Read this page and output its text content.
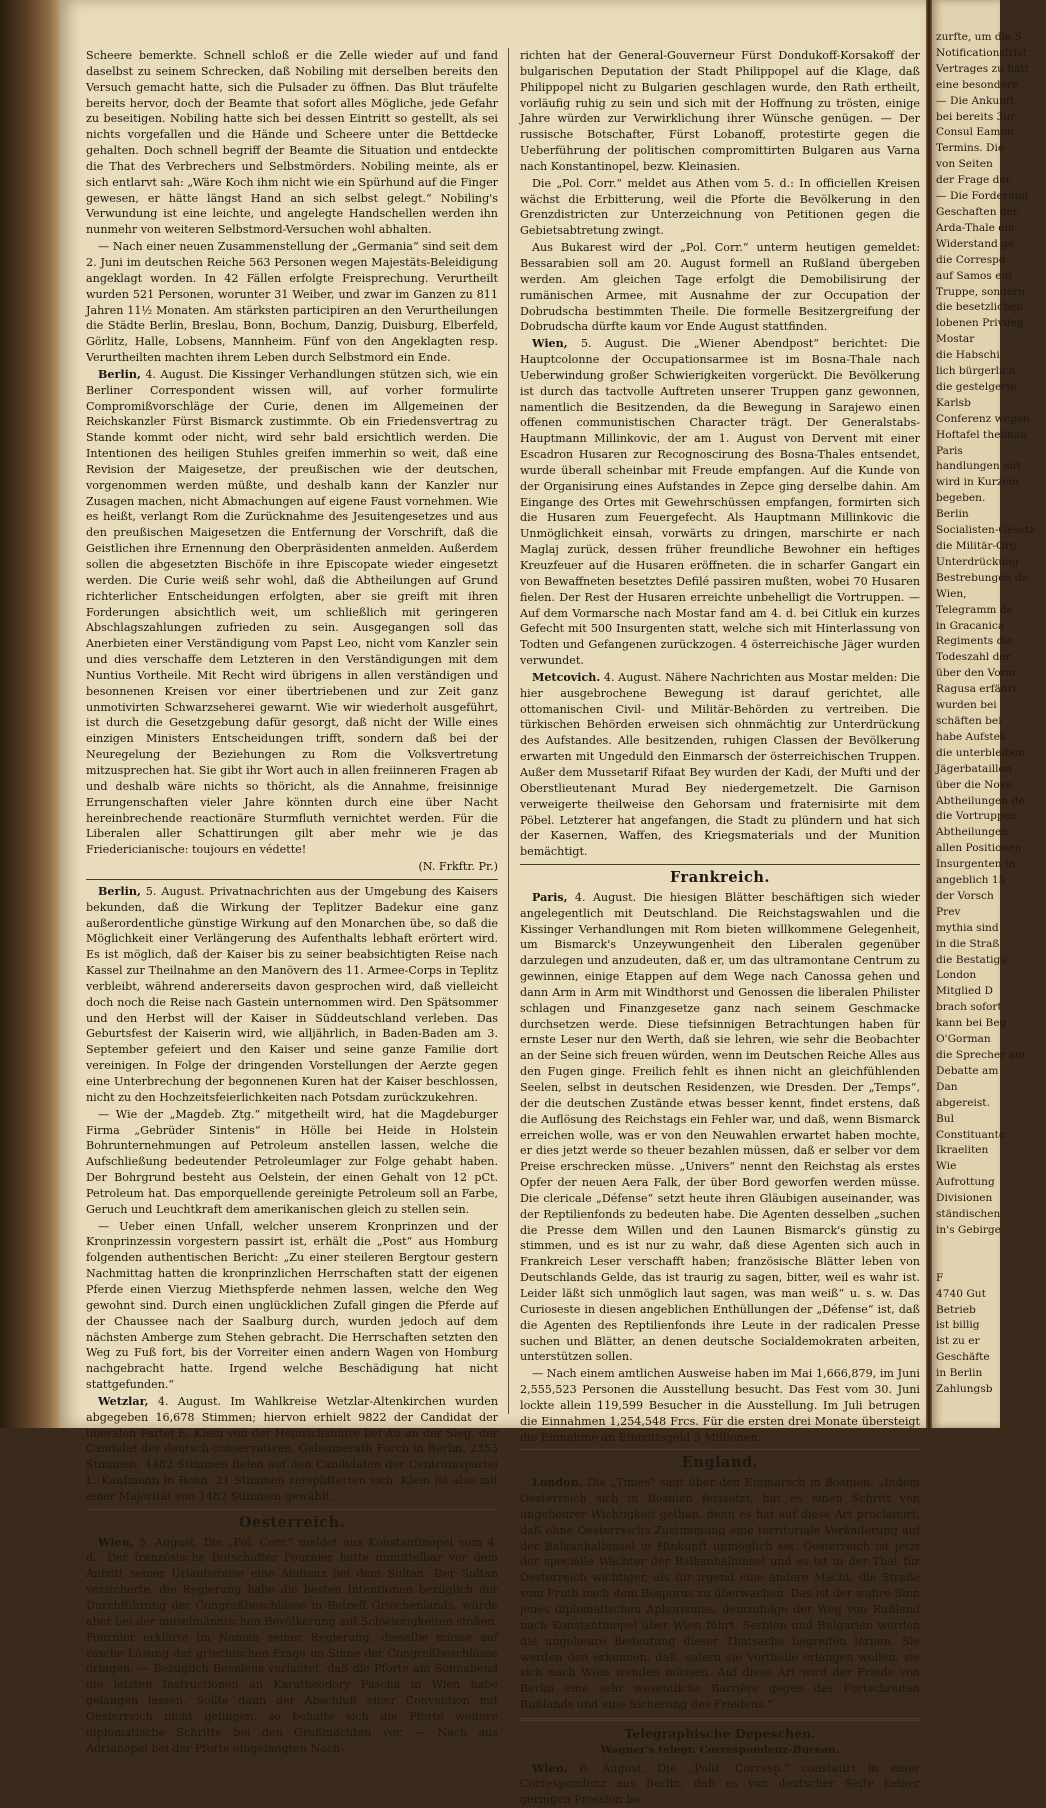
Scheere bemerkte. Schnell schloß er die Zelle wieder auf und fand daselbst zu seinem Schrecken, daß Nobiling mit derselben bereits den Versuch gemacht hatte, sich die Pulsader zu öffnen. Das Blut träufelte bereits hervor, doch der Beamte that sofort alles Mögliche, jede Gefahr zu beseitigen. Nobiling hatte sich bei dessen Eintritt so gestellt, als sei nichts vorgefallen und die Hände und Scheere unter die Bettdecke gehalten. Doch schnell begriff der Beamte die Situation und entdeckte die That des Verbrechers und Selbstmörders. Nobiling meinte, als er sich entlarvt sah: „Wäre Koch ihm nicht wie ein Spürhund auf die Finger gewesen, er hätte längst Hand an sich selbst gelegt.“ Nobiling's Verwundung ist eine leichte, und angelegte Handschellen werden ihn nunmehr von weiteren Selbstmord-Versuchen wohl abhalten.

— Nach einer neuen Zusammenstellung der „Germania“ sind seit dem 2. Juni im deutschen Reiche 563 Personen wegen Majestäts-Beleidigung angeklagt worden. In 42 Fällen erfolgte Freisprechung. Verurtheilt wurden 521 Personen, worunter 31 Weiber, und zwar im Ganzen zu 811 Jahren 11½ Monaten. Am stärksten participiren an den Verurtheilungen die Städte Berlin, Breslau, Bonn, Bochum, Danzig, Duisburg, Elberfeld, Görlitz, Halle, Lobsens, Mannheim. Fünf von den Angeklagten resp. Verurtheilten machten ihrem Leben durch Selbstmord ein Ende.

Berlin, 4. August. Die Kissinger Verhandlungen stützen sich, wie ein Berliner Correspondent wissen will, auf vorher formulirte Compromißvorschläge der Curie, denen im Allgemeinen der Reichskanzler Fürst Bismarck zustimmte. Ob ein Friedensvertrag zu Stande kommt oder nicht, wird sehr bald ersichtlich werden. Die Intentionen des heiligen Stuhles greifen immerhin so weit, daß eine Revision der Maigesetze, der preußischen wie der deutschen, vorgenommen werden müßte, und deshalb kann der Kanzler nur Zusagen machen, nicht Abmachungen auf eigene Faust vornehmen. Wie es heißt, verlangt Rom die Zurücknahme des Jesuitengesetzes und aus den preußischen Maigesetzen die Entfernung der Vorschrift, daß die Geistlichen ihre Ernennung den Oberpräsidenten anmelden. Außerdem sollen die abgesetzten Bischöfe in ihre Episcopate wieder eingesetzt werden. Die Curie weiß sehr wohl, daß die Abtheilungen auf Grund richterlicher Entscheidungen erfolgten, aber sie greift mit ihren Forderungen absichtlich weit, um schließlich mit geringeren Abschlagszahlungen zufrieden zu sein. Ausgegangen soll das Anerbieten einer Verständigung vom Papst Leo, nicht vom Kanzler sein und dies verschaffe dem Letzteren in den Verständigungen mit dem Nuntius Vortheile. Mit Recht wird übrigens in allen verständigen und besonnenen Kreisen vor einer übertriebenen und zur Zeit ganz unmotivirten Schwarzseherei gewarnt. Wie wir wiederholt ausgeführt, ist durch die Gesetzgebung dafür gesorgt, daß nicht der Wille eines einzigen Ministers Entscheidungen trifft, sondern daß bei der Neuregelung der Beziehungen zu Rom die Volksvertretung mitzusprechen hat. Sie gibt ihr Wort auch in allen freiinneren Fragen ab und deshalb wäre nichts so thöricht, als die Annahme, freisinnige Errungenschaften vieler Jahre könnten durch eine über Nacht hereinbrechende reactionäre Sturmfluth vernichtet werden. Für die Liberalen aller Schattirungen gilt aber mehr wie je das Friedericianische: toujours en védette!

(N. Frkftr. Pr.)

Berlin, 5. August. Privatnachrichten aus der Umgebung des Kaisers bekunden, daß die Wirkung der Teplitzer Badekur eine ganz außerordentliche günstige Wirkung auf den Monarchen übe, so daß die Möglichkeit einer Verlängerung des Aufenthalts lebhaft erörtert wird. Es ist möglich, daß der Kaiser bis zu seiner beabsichtigten Reise nach Kassel zur Theilnahme an den Manövern des 11. Armee-Corps in Teplitz verbleibt, während andererseits davon gesprochen wird, daß vielleicht doch noch die Reise nach Gastein unternommen wird. Den Spätsommer und den Herbst will der Kaiser in Süddeutschland verleben. Das Geburtsfest der Kaiserin wird, wie alljährlich, in Baden-Baden am 3. September gefeiert und den Kaiser und seine ganze Familie dort vereinigen. In Folge der dringenden Vorstellungen der Aerzte gegen eine Unterbrechung der begonnenen Kuren hat der Kaiser beschlossen, nicht zu den Hochzeitsfeierlichkeiten nach Potsdam zurückzukehren.

— Wie der „Magdeb. Ztg.“ mitgetheilt wird, hat die Magdeburger Firma „Gebrüder Sintenis“ in Hölle bei Heide in Holstein Bohrunternehmungen auf Petroleum anstellen lassen, welche die Aufschließung bedeutender Petroleumlager zur Folge gehabt haben. Der Bohrgrund besteht aus Oelstein, der einen Gehalt von 12 pCt. Petroleum hat. Das emporquellende gereinigte Petroleum soll an Farbe, Geruch und Leuchtkraft dem amerikanischen gleich zu stellen sein.

— Ueber einen Unfall, welcher unserem Kronprinzen und der Kronprinzessin vorgestern passirt ist, erhält die „Post“ aus Homburg folgenden authentischen Bericht: „Zu einer steileren Bergtour gestern Nachmittag hatten die kronprinzlichen Herrschaften statt der eigenen Pferde einen Vierzug Miethspferde nehmen lassen, welche den Weg gewohnt sind. Durch einen unglücklichen Zufall gingen die Pferde auf der Chaussee nach der Saalburg durch, wurden jedoch auf dem nächsten Amberge zum Stehen gebracht. Die Herrschaften setzten den Weg zu Fuß fort, bis der Vorreiter einen andern Wagen von Homburg nachgebracht hatte. Irgend welche Beschädigung hat nicht stattgefunden.“

Wetzlar, 4. August. Im Wahlkreise Wetzlar-Altenkirchen wurden abgegeben 16,678 Stimmen; hiervon erhielt 9822 der Candidat der liberalen Partei E. Klein von der Heinrichshütte bei Au an der Sieg, der Candidat der deutsch-conservativen, Geheimerath Forch in Berlin, 2353 Stimmen; 4482 Stimmen fielen auf den Candidaten der Centrumspartei L. Kaufmann in Bonn. 21 Stimmen zersplitterten sich. Klein ist also mit einer Majorität von 1482 Stimmen gewählt.

Oesterreich.

Wien, 5. August. Die „Pol. Corr.“ meldet aus Konstantinopel vom 4. d.: Der französische Botschafter Fournier hatte unmittelbar vor dem Antritt seiner Urlaubsreise eine Audienz bei dem Sultan. Der Sultan versicherte, die Regierung habe die besten Intentionen bezüglich der Durchführung der Congreßbeschlüsse in Betreff Griechenlands, würde aber bei der muselmännischen Bevölkerung auf Schwierigkeiten stoßen. Fournier erklärte im Namen seiner Regierung, dieselbe müsse auf rasche Lösung der griechischen Frage im Sinne der Congreßbeschlüsse dringen. — Bezüglich Bosniens verlautet, daß die Pforte am Sonnabend die letzten Instructionen an Karatheodory Pascha in Wien habe gelangen lassen. Sollte dann der Abschluß einer Convention mit Oesterreich nicht gelingen, so behalte sich die Pforte weitere diplomatische Schritte bei den Großmächten vor. — Nach aus Adrianopel bei der Pforte eingelangten Nach-

richten hat der General-Gouverneur Fürst Dondukoff-Korsakoff der bulgarischen Deputation der Stadt Philippopel auf die Klage, daß Philippopel nicht zu Bulgarien geschlagen wurde, den Rath ertheilt, vorläufig ruhig zu sein und sich mit der Hoffnung zu trösten, einige Jahre würden zur Verwirklichung ihrer Wünsche genügen. — Der russische Botschafter, Fürst Lobanoff, protestirte gegen die Ueberführung der politischen compromittirten Bulgaren aus Varna nach Konstantinopel, bezw. Kleinasien.

Die „Pol. Corr.“ meldet aus Athen vom 5. d.: In officiellen Kreisen wächst die Erbitterung, weil die Pforte die Bevölkerung in den Grenzdistricten zur Unterzeichnung von Petitionen gegen die Gebietsabtretung zwingt.

Aus Bukarest wird der „Pol. Corr.“ unterm heutigen gemeldet: Bessarabien soll am 20. August formell an Rußland übergeben werden. Am gleichen Tage erfolgt die Demobilisirung der rumänischen Armee, mit Ausnahme der zur Occupation der Dobrudscha bestimmten Theile. Die formelle Besitzergreifung der Dobrudscha dürfte kaum vor Ende August stattfinden.

Wien, 5. August. Die „Wiener Abendpost“ berichtet: Die Hauptcolonne der Occupationsarmee ist im Bosna-Thale nach Ueberwindung großer Schwierigkeiten vorgerückt. Die Bevölkerung ist durch das tactvolle Auftreten unserer Truppen ganz gewonnen, namentlich die Besitzenden, da die Bewegung in Sarajewo einen offenen communistischen Character trägt. Der Generalstabs-Hauptmann Millinkovic, der am 1. August von Dervent mit einer Escadron Husaren zur Recognoscirung des Bosna-Thales entsendet, wurde überall scheinbar mit Freude empfangen. Auf die Kunde von der Organisirung eines Aufstandes in Zepce ging derselbe dahin. Am Eingange des Ortes mit Gewehrschüssen empfangen, formirten sich die Husaren zum Feuergefecht. Als Hauptmann Millinkovic die Unmöglichkeit einsah, vorwärts zu dringen, marschirte er nach Maglaj zurück, dessen früher freundliche Bewohner ein heftiges Kreuzfeuer auf die Husaren eröffneten. die in scharfer Gangart ein von Bewaffneten besetztes Defilé passiren mußten, wobei 70 Husaren fielen. Der Rest der Husaren erreichte unbehelligt die Vortruppen. — Auf dem Vormarsche nach Mostar fand am 4. d. bei Citluk ein kurzes Gefecht mit 500 Insurgenten statt, welche sich mit Hinterlassung von Todten und Gefangenen zurückzogen. 4 österreichische Jäger wurden verwundet.

Metcovich. 4. August. Nähere Nachrichten aus Mostar melden: Die hier ausgebrochene Bewegung ist darauf gerichtet, alle ottomanischen Civil- und Militär-Behörden zu vertreiben. Die türkischen Behörden erweisen sich ohnmächtig zur Unterdrückung des Aufstandes. Alle besitzenden, ruhigen Classen der Bevölkerung erwarten mit Ungeduld den Einmarsch der österreichischen Truppen. Außer dem Mussetarif Rifaat Bey wurden der Kadi, der Mufti und der Oberstlieutenant Murad Bey niedergemetzelt. Die Garnison verweigerte theilweise den Gehorsam und fraternisirte mit dem Pöbel. Letzterer hat angefangen, die Stadt zu plündern und hat sich der Kasernen, Waffen, des Kriegsmaterials und der Munition bemächtigt.

Frankreich.

Paris, 4. August. Die hiesigen Blätter beschäftigen sich wieder angelegentlich mit Deutschland. Die Reichstagswahlen und die Kissinger Verhandlungen mit Rom bieten willkommene Gelegenheit, um Bismarck's Unzeywungenheit den Liberalen gegenüber darzulegen und anzudeuten, daß er, um das ultramontane Centrum zu gewinnen, einige Etappen auf dem Wege nach Canossa gehen und dann Arm in Arm mit Windthorst und Genossen die liberalen Philister schlagen und Finanzgesetze ganz nach seinem Geschmacke durchsetzen werde. Diese tiefsinnigen Betrachtungen haben für ernste Leser nur den Werth, daß sie lehren, wie sehr die Beobachter an der Seine sich freuen würden, wenn im Deutschen Reiche Alles aus den Fugen ginge. Freilich fehlt es ihnen nicht an gleichfühlenden Seelen, selbst in deutschen Residenzen, wie Dresden. Der „Temps“, der die deutschen Zustände etwas besser kennt, findet erstens, daß die Auflösung des Reichstags ein Fehler war, und daß, wenn Bismarck erreichen wolle, was er von den Neuwahlen erwartet haben mochte, er dies jetzt werde so theuer bezahlen müssen, daß er selber vor dem Preise erschrecken müsse. „Univers“ nennt den Reichstag als erstes Opfer der neuen Aera Falk, der über Bord geworfen werden müsse. Die clericale „Défense“ setzt heute ihren Gläubigen auseinander, was der Reptilienfonds zu bedeuten habe. Die Agenten desselben „suchen die Presse dem Willen und den Launen Bismarck's günstig zu stimmen, und es ist nur zu wahr, daß diese Agenten sich auch in Frankreich Leser verschafft haben; französische Blätter leben von Deutschlands Gelde, das ist traurig zu sagen, bitter, weil es wahr ist. Leider läßt sich unmöglich laut sagen, was man weiß“ u. s. w. Das Curioseste in diesen angeblichen Enthüllungen der „Défense“ ist, daß die Agenten des Reptilienfonds ihre Leute in der radicalen Presse suchen und Blätter, an denen deutsche Socialdemokraten arbeiten, unterstützen sollen.

— Nach einem amtlichen Ausweise haben im Mai 1,666,879, im Juni 2,555,523 Personen die Ausstellung besucht. Das Fest vom 30. Juni lockte allein 119,599 Besucher in die Ausstellung. Im Juli betrugen die Einnahmen 1,254,548 Frcs. Für die ersten drei Monate übersteigt die Einnahme an Eintrittsgeld 5 Millionen.

England.

London. Die „Times“ sagt über den Einmarsch in Bosnien: „Indem Oesterreich sich in Bosnien festsetzt, hat es einen Schritt von ungeheurer Wichtigkeit gethan, denn es hat auf diese Art proclamirt, daß ohne Oesterreichs Zustimmung eine territoriale Veränderung auf der Balkanhalbinsel in Hinkunft unmöglich sei. Oesterreich ist jetzt der specielle Wächter der Balkanhalbinsel und es ist in der That für Oesterreich wichtiger, als für irgend eine andere Macht, die Straße vom Pruth nach dem Bosporus zu überwachen. Das ist der wahre Sinn jenes diplomatischen Aphorismus, demzufolge der Weg von Rußland nach Konstantinopel über Wien führt. Serbien und Bulgarien werden die ungeheure Bedeutung dieser Thatsache begreifen lernen. Sie werden den erkennen, daß, sofern sie Vortheile erlangen wollen, sie sich nach Wien wenden müssen. Auf diese Art wird der Friede von Berlin eine sehr wesentliche Barrière gegen das Fortschreiten Rußlands und eine Sicherung des Friedens.“

Telegraphische Depeschen.
Wagner's telegr. Correspondenz-Bureau.

Wien, 6. August. Die „Polit. Corresp.“ constatirt in einer Correspondenz aus Berlin, daß es von deutscher Seite keiner geringen Pression be

zurfte, um die S
Notificationsfrist
Vertrages zu hätt
eine besondere
— Die Ankunft
bei bereits 3ur
Consul Eamon
Termins. Die
von Seiten
der Frage der
— Die Forderung
Geschaften der
Arda-Thale ein
Widerstand ge
die Correspo
auf Samos ein
Truppe, sondern
die besetzlichen
lobenen Privileg
Mostar
die Habschi
lich bürgerlich
die gestelgerte
Karlsb
Conferenz wegen
Hoftafel theilnah
Paris
handlungen mit
wird in Kurzem
begeben.
Berlin
Socialisten-Gesetz
die Militär-Org
Unterdrückung
Bestrebungen de
Wien,
Telegramm de
in Gracanica
Regiments die
Todeszahl der
über den Vorm
Ragusa erfährt
wurden bei
schäften bei
habe Aufstell
die unterbleiben
Jägerbataillon
über die Nove
Abtheilungen de
die Vortruppen
Abtheilungen
allen Positionen
Insurgenten in
angeblich 15
der Vorsch
Prev
mythia sind
in die Straß
die Bestatigu
London
Mitglied D
brach sofort
kann bei Beg
O'Gorman
die Sprecher am
Debatte am
Dan
abgereist.
Bul
Constituante
Ikraeliten
Wie
Aufrottung
Divisionen
ständischen
in's Gebirge

F
4740 Gut
Betrieb
ist billig
ist zu er
Geschäfte
in Berlin
Zahlungsb
